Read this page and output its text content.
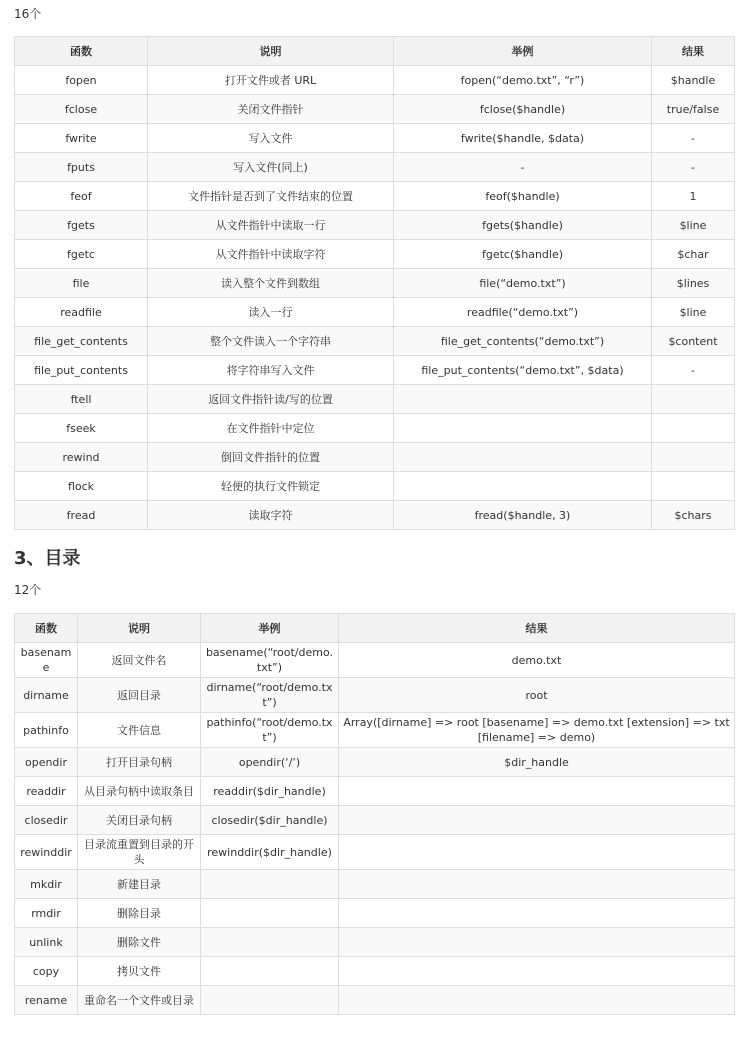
16个

函数	说明	举例	结果
fopen	打开文件或者 URL	fopen(“demo.txt”, “r”)	$handle
fclose	关闭文件指针	fclose($handle)	true/false
fwrite	写入文件	fwrite($handle, $data)	-
fputs	写入文件(同上)	-	-
feof	文件指针是否到了文件结束的位置	feof($handle)	1
fgets	从文件指针中读取一行	fgets($handle)	$line
fgetc	从文件指针中读取字符	fgetc($handle)	$char
file	读入整个文件到数组	file(“demo.txt”)	$lines
readfile	读入一行	readfile(“demo.txt”)	$line
file_get_contents	整个文件读入一个字符串	file_get_contents(“demo.txt”)	$content
file_put_contents	将字符串写入文件	file_put_contents(“demo.txt”, $data)	-
ftell	返回文件指针读/写的位置		
fseek	在文件指针中定位		
rewind	倒回文件指针的位置		
flock	轻便的执行文件锁定		
fread	读取字符	fread($handle, 3)	$chars
3、目录

12个

函数	说明	举例	结果
basename	返回文件名	basename(“root/demo.txt”)	demo.txt
dirname	返回目录	dirname(“root/demo.txt”)	root
pathinfo	文件信息	pathinfo(“root/demo.txt”)	Array([dirname] => root [basename] => demo.txt [extension] => txt [filename] => demo)
opendir	打开目录句柄	opendir(‘/’)	$dir_handle
readdir	从目录句柄中读取条目	readdir($dir_handle)	
closedir	关闭目录句柄	closedir($dir_handle)	
rewinddir	目录流重置到目录的开头	rewinddir($dir_handle)	
mkdir	新建目录		
rmdir	删除目录		
unlink	删除文件		
copy	拷贝文件		
rename	重命名一个文件或目录		
